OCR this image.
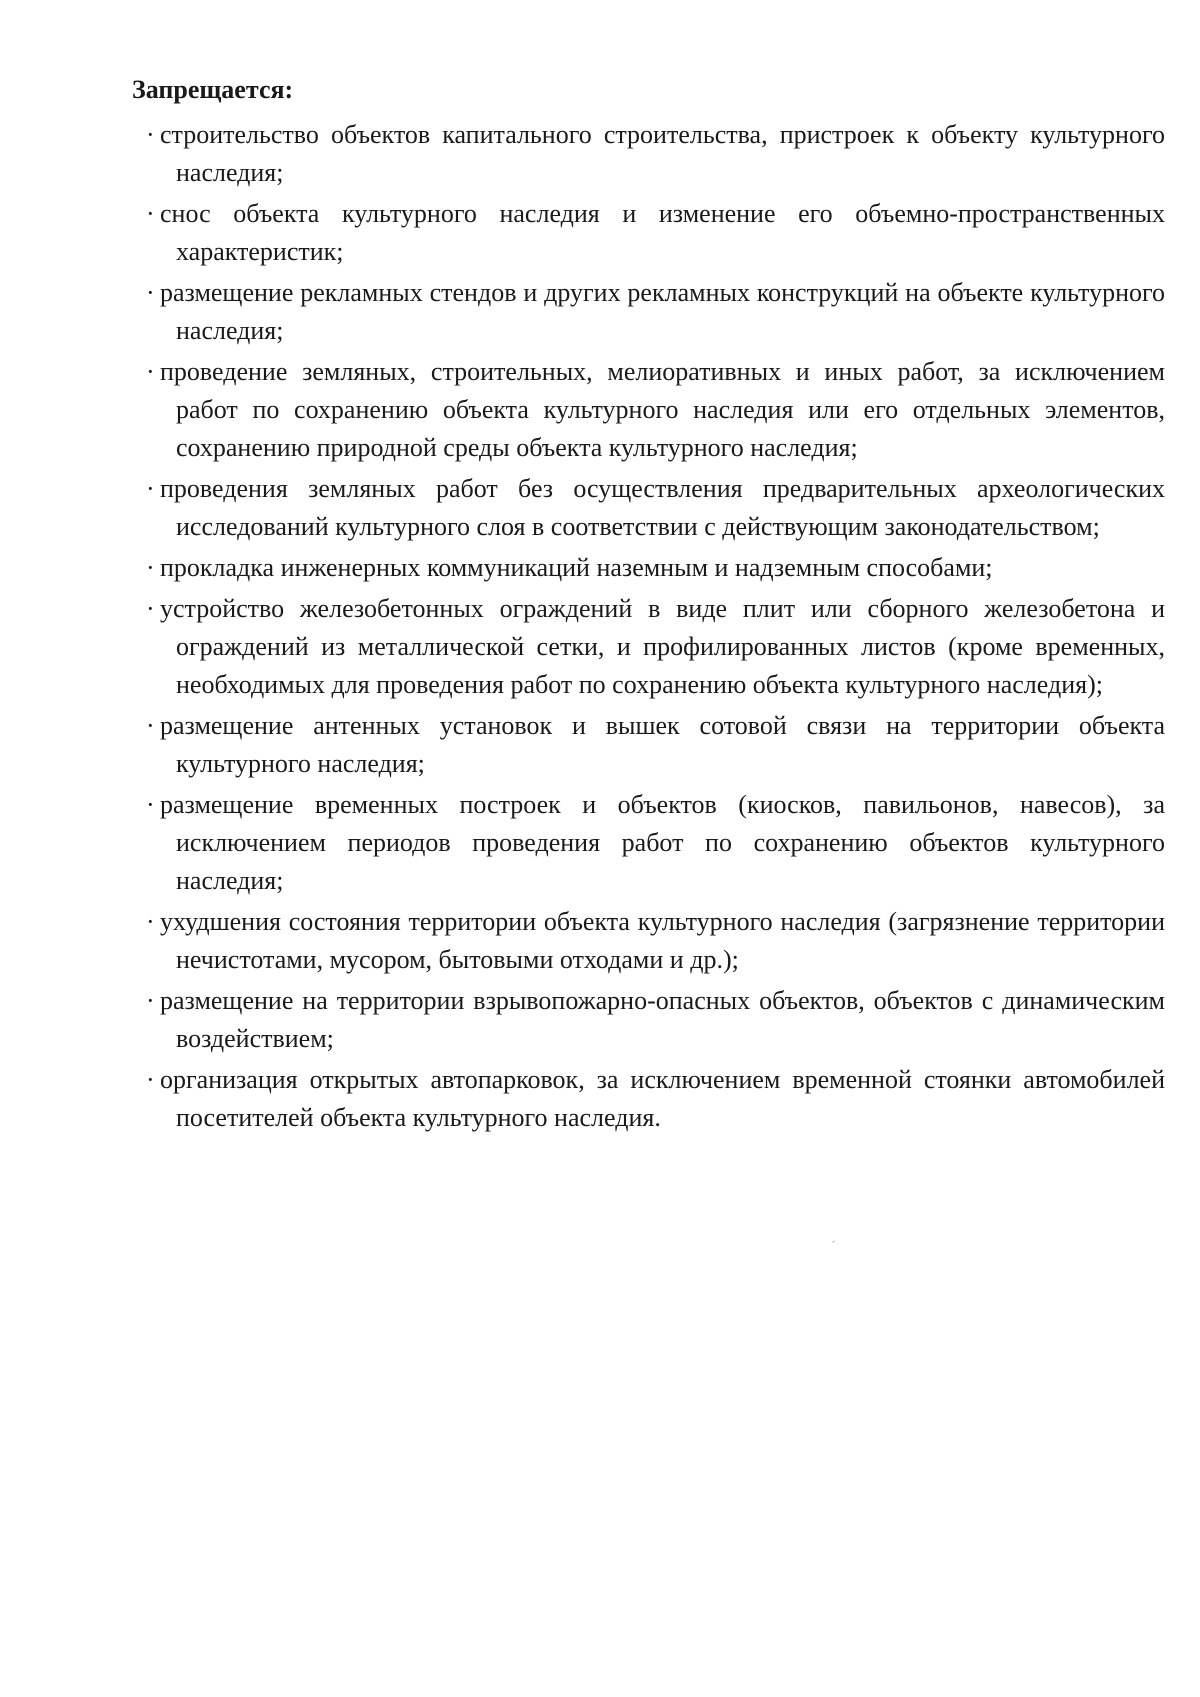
Запрещается:
· строительство объектов капитального строительства, пристроек к объекту культурного наследия;
· снос объекта культурного наследия и изменение его объемно-пространственных характеристик;
· размещение рекламных стендов и других рекламных конструкций на объекте культурного наследия;
· проведение земляных, строительных, мелиоративных и иных работ, за исключением работ по сохранению объекта культурного наследия или его отдельных элементов, сохранению природной среды объекта культурного наследия;
· проведения земляных работ без осуществления предварительных археологических исследований культурного слоя в соответствии с действующим законодательством;
· прокладка инженерных коммуникаций наземным и надземным способами;
· устройство железобетонных ограждений в виде плит или сборного железобетона и ограждений из металлической сетки, и профилированных листов (кроме временных, необходимых для проведения работ по сохранению объекта культурного наследия);
· размещение антенных установок и вышек сотовой связи на территории объекта культурного наследия;
· размещение временных построек и объектов (киосков, павильонов, навесов), за исключением периодов проведения работ по сохранению объектов культурного наследия;
· ухудшения состояния территории объекта культурного наследия (загрязнение территории нечистотами, мусором, бытовыми отходами и др.);
· размещение на территории взрывопожарно-опасных объектов, объектов с динамическим воздействием;
· организация открытых автопарковок, за исключением временной стоянки автомобилей посетителей объекта культурного наследия.
